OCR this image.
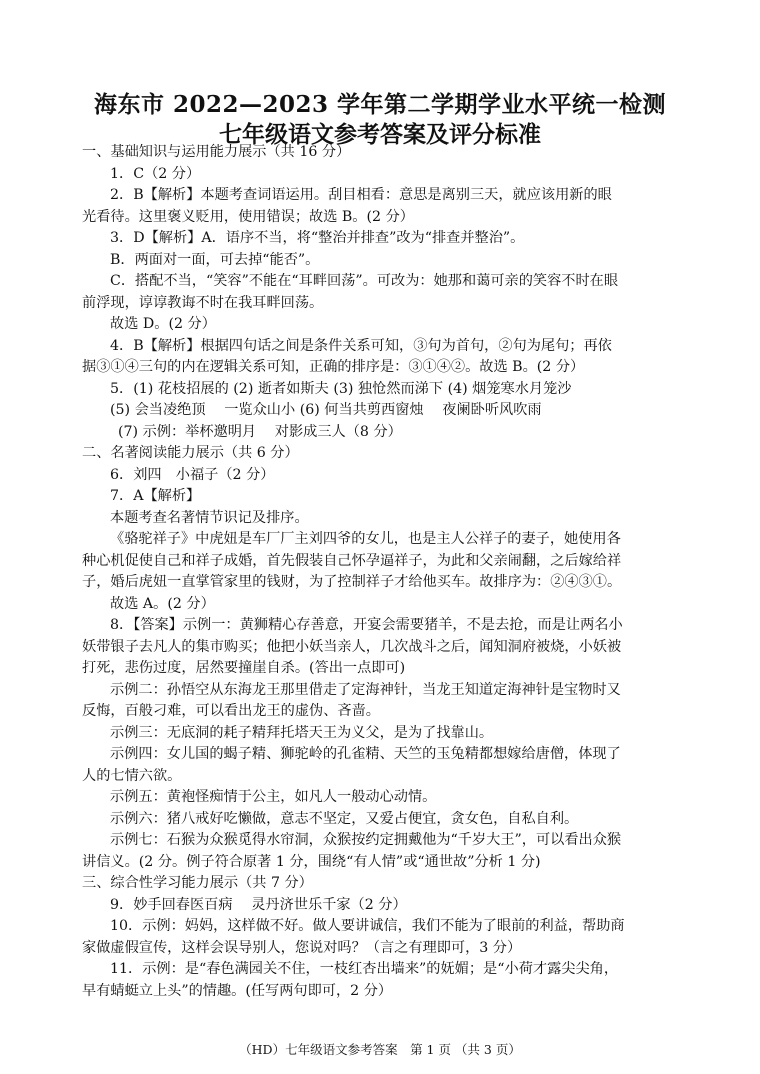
海东市 2022—2023 学年第二学期学业水平统一检测
七年级语文参考答案及评分标准
一、基础知识与运用能力展示（共 16 分）
1．C（2 分）
2．B【解析】本题考查词语运用。刮目相看：意思是离别三天，就应该用新的眼
光看待。这里褒义贬用，使用错误；故选 B。(2 分）
3．D【解析】A．语序不当，将“整治并排查”改为“排查并整治”。
B．两面对一面，可去掉“能否”。
C．搭配不当，“笑容”不能在“耳畔回荡”。可改为：她那和蔼可亲的笑容不时在眼
前浮现，谆谆教诲不时在我耳畔回荡。
故选 D。(2 分）
4．B【解析】根据四句话之间是条件关系可知，③句为首句，②句为尾句；再依
据③①④三句的内在逻辑关系可知，正确的排序是：③①④②。故选 B。(2 分）
5．(1) 花枝招展的 (2) 逝者如斯夫 (3) 独怆然而涕下 (4) 烟笼寒水月笼沙
(5) 会当凌绝顶　 一览众山小 (6) 何当共剪西窗烛　 夜阑卧听风吹雨
(7) 示例：举杯邀明月　 对影成三人（8 分）
二、名著阅读能力展示（共 6 分）
6．刘四　小福子（2 分）
7．A【解析】
本题考查名著情节识记及排序。
《骆驼祥子》中虎妞是车厂厂主刘四爷的女儿，也是主人公祥子的妻子，她使用各
种心机促使自己和祥子成婚，首先假装自己怀孕逼祥子，为此和父亲闹翻，之后嫁给祥
子，婚后虎妞一直掌管家里的钱财，为了控制祥子才给他买车。故排序为：②④③①。
故选 A。(2 分）
8．【答案】示例一：黄狮精心存善意，开宴会需要猪羊，不是去抢，而是让两名小
妖带银子去凡人的集市购买；他把小妖当亲人，几次战斗之后，闻知洞府被烧，小妖被
打死，悲伤过度，居然要撞崖自杀。(答出一点即可)
示例二：孙悟空从东海龙王那里借走了定海神针，当龙王知道定海神针是宝物时又
反悔，百般刁难，可以看出龙王的虚伪、吝啬。
示例三：无底洞的耗子精拜托塔天王为义父，是为了找靠山。
示例四：女儿国的蝎子精、狮驼岭的孔雀精、天竺的玉兔精都想嫁给唐僧，体现了
人的七情六欲。
示例五：黄袍怪痴情于公主，如凡人一般动心动情。
示例六：猪八戒好吃懒做，意志不坚定，又爱占便宜，贪女色，自私自利。
示例七：石猴为众猴觅得水帘洞，众猴按约定拥戴他为“千岁大王”，可以看出众猴
讲信义。(2 分。例子符合原著 1 分，围绕“有人情”或“通世故”分析 1 分)
三、综合性学习能力展示（共 7 分）
9．妙手回春医百病　 灵丹济世乐千家（2 分）
10．示例：妈妈，这样做不好。做人要讲诚信，我们不能为了眼前的利益，帮助商
家做虚假宣传，这样会误导别人，您说对吗？（言之有理即可，3 分）
11．示例：是“春色满园关不住，一枝红杏出墙来”的妩媚；是“小荷才露尖尖角，
早有蜻蜓立上头”的情趣。(任写两句即可，2 分）
（HD）七年级语文参考答案　第 1 页 （共 3 页）
